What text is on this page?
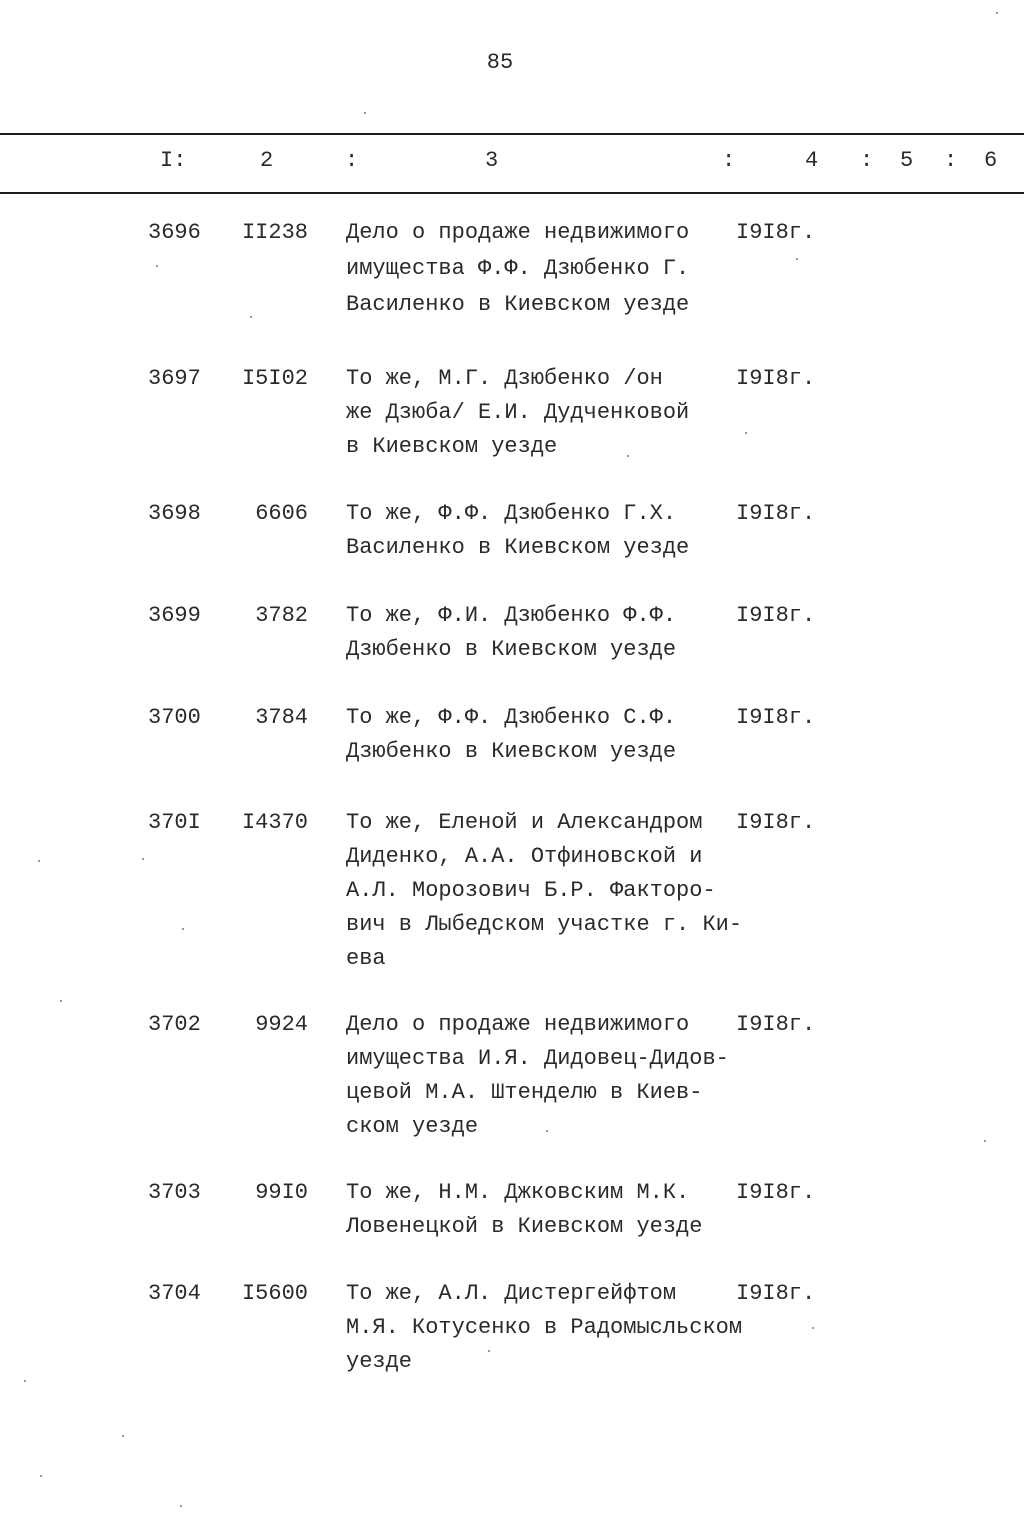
85
I:	2	:	3	:	4 : 5 : 6
3696	II238 Дело о продаже недвижимого
имущества Ф.Ф. Дзюбенко Г.
Василенко в Киевском уезде
I9I8г.
3697	I5I02 То же, М.Г. Дзюбенко /он
же Дзюба/ Е.И. Дудченковой
в Киевском уезде
I9I8г.
3698	6606 То же, Ф.Ф. Дзюбенко Г.Х.
Василенко в Киевском уезде
I9I8г.
3699	3782 То же, Ф.И. Дзюбенко Ф.Ф.
Дзюбенко в Киевском уезде
I9I8г.
3700	3784 То же, Ф.Ф. Дзюбенко С.Ф.
Дзюбенко в Киевском уезде
I9I8г.
370I	I4370 То же, Еленой и Александром
Диденко, А.А. Отфиновской и
А.Л. Морозович Б.Р. Факторо-
вич в Лыбедском участке г. Ки-
ева
I9I8г.
3702	9924 Дело о продаже недвижимого
имущества И.Я. Дидовец-Дидов-
цевой М.А. Штенделю в Киев-
ском уезде
I9I8г.
3703	99I0 То же, Н.М. Джковским М.К.
Ловенецкой в Киевском уезде
I9I8г.
3704	I5600 То же, А.Л. Дистергейфтом
М.Я. Котусенко в Радомысльском
уезде
I9I8г.
